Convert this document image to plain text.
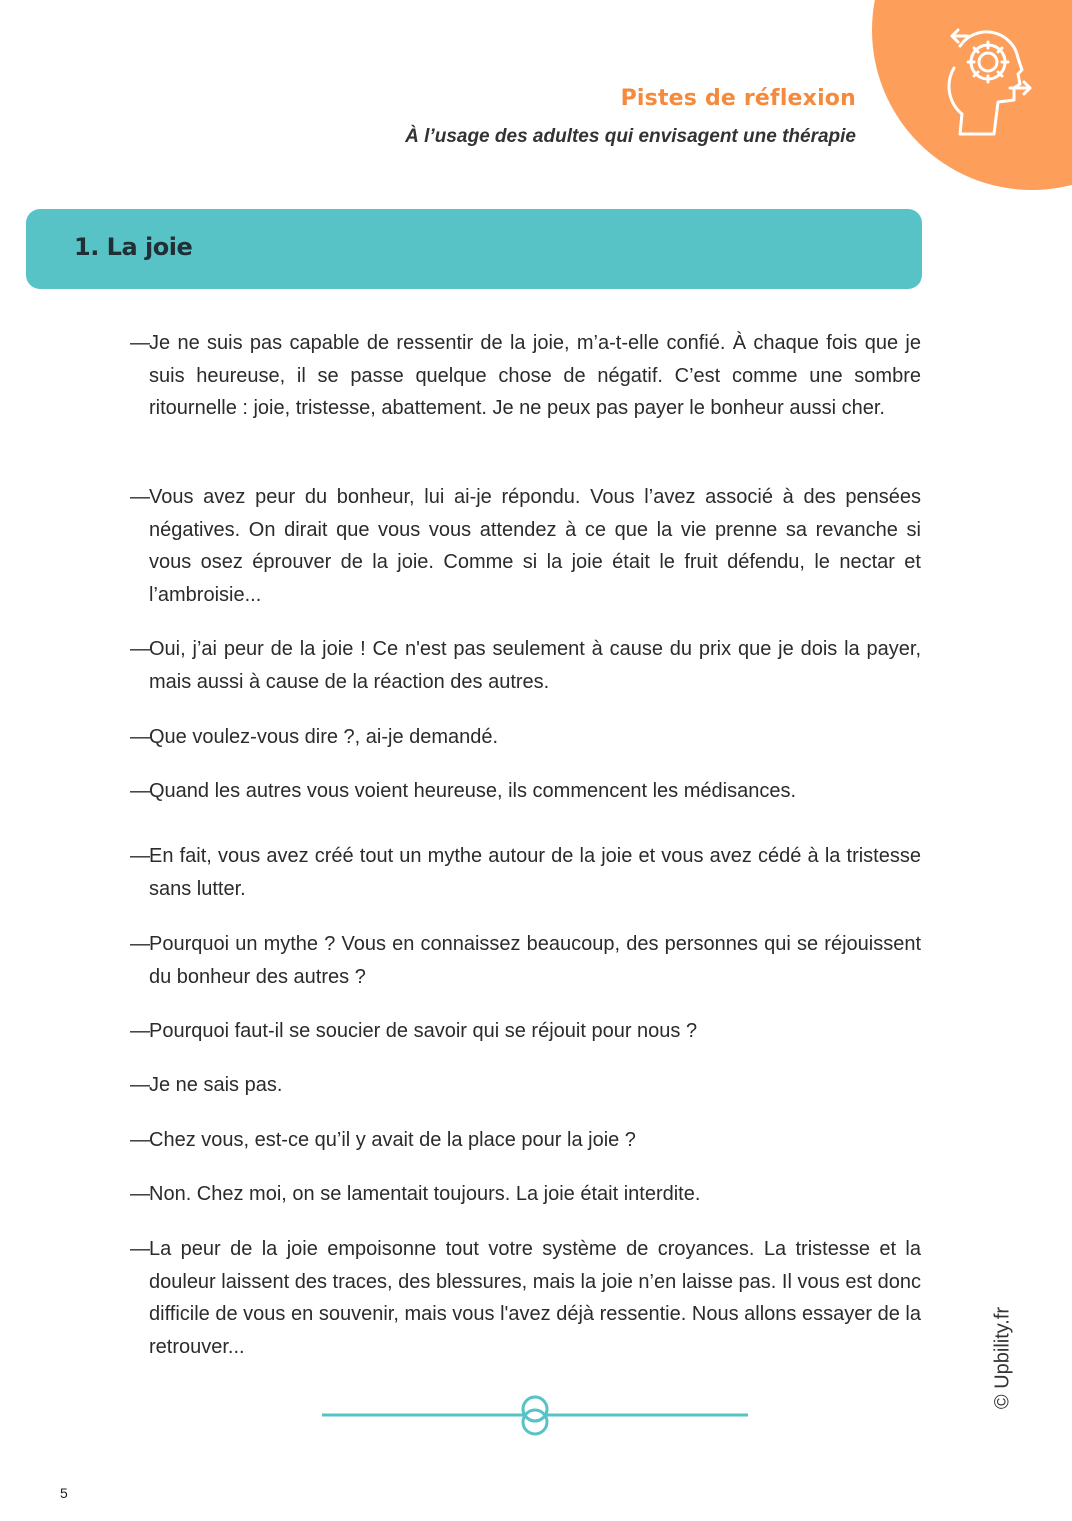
Pistes de réflexion
À l’usage des adultes qui envisagent une thérapie
1. La joie
— Je ne suis pas capable de ressentir de la joie, m’a-t-elle confié. À chaque fois que je suis heureuse, il se passe quelque chose de négatif. C’est comme une sombre ritournelle : joie, tristesse, abattement. Je ne peux pas payer le bonheur aussi cher.
— Vous avez peur du bonheur, lui ai-je répondu. Vous l’avez associé à des pensées négatives. On dirait que vous vous attendez à ce que la vie prenne sa revanche si vous osez éprouver de la joie. Comme si la joie était le fruit défendu, le nectar et l’ambroisie...
— Oui, j’ai peur de la joie ! Ce n'est pas seulement à cause du prix que je dois la payer, mais aussi à cause de la réaction des autres.
— Que voulez-vous dire ?, ai-je demandé.
— Quand les autres vous voient heureuse, ils commencent les médisances.
— En fait, vous avez créé tout un mythe autour de la joie et vous avez cédé à la tristesse sans lutter.
— Pourquoi un mythe ? Vous en connaissez beaucoup, des personnes qui se réjouissent du bonheur des autres ?
— Pourquoi faut-il se soucier de savoir qui se réjouit pour nous ?
— Je ne sais pas.
— Chez vous, est-ce qu’il y avait de la place pour la joie ?
— Non. Chez moi, on se lamentait toujours. La joie était interdite.
— La peur de la joie empoisonne tout votre système de croyances. La tristesse et la douleur laissent des traces, des blessures, mais la joie n’en laisse pas. Il vous est donc difficile de vous en souvenir, mais vous l'avez déjà ressentie. Nous allons essayer de la retrouver...	© Upbility.fr
5
